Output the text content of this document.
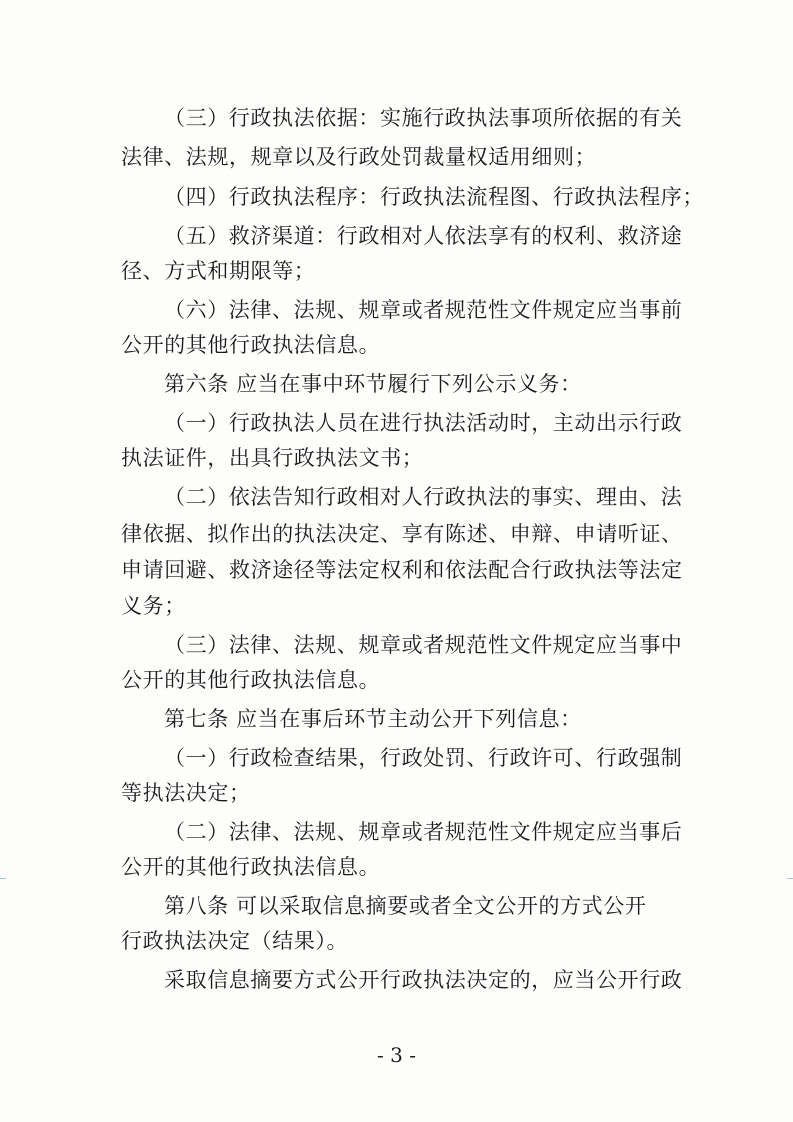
（三）行政执法依据：实施行政执法事项所依据的有关
法律、法规，规章以及行政处罚裁量权适用细则；
（四）行政执法程序：行政执法流程图、行政执法程序；
（五）救济渠道：行政相对人依法享有的权利、救济途
径、方式和期限等；
（六）法律、法规、规章或者规范性文件规定应当事前
公开的其他行政执法信息。
第六条 应当在事中环节履行下列公示义务：
（一）行政执法人员在进行执法活动时，主动出示行政
执法证件，出具行政执法文书；
（二）依法告知行政相对人行政执法的事实、理由、法
律依据、拟作出的执法决定、享有陈述、申辩、申请听证、
申请回避、救济途径等法定权利和依法配合行政执法等法定
义务；
（三）法律、法规、规章或者规范性文件规定应当事中
公开的其他行政执法信息。
第七条 应当在事后环节主动公开下列信息：
（一）行政检查结果，行政处罚、行政许可、行政强制
等执法决定；
（二）法律、法规、规章或者规范性文件规定应当事后
公开的其他行政执法信息。
第八条 可以采取信息摘要或者全文公开的方式公开
行政执法决定（结果）。
采取信息摘要方式公开行政执法决定的，应当公开行政
- 3 -
